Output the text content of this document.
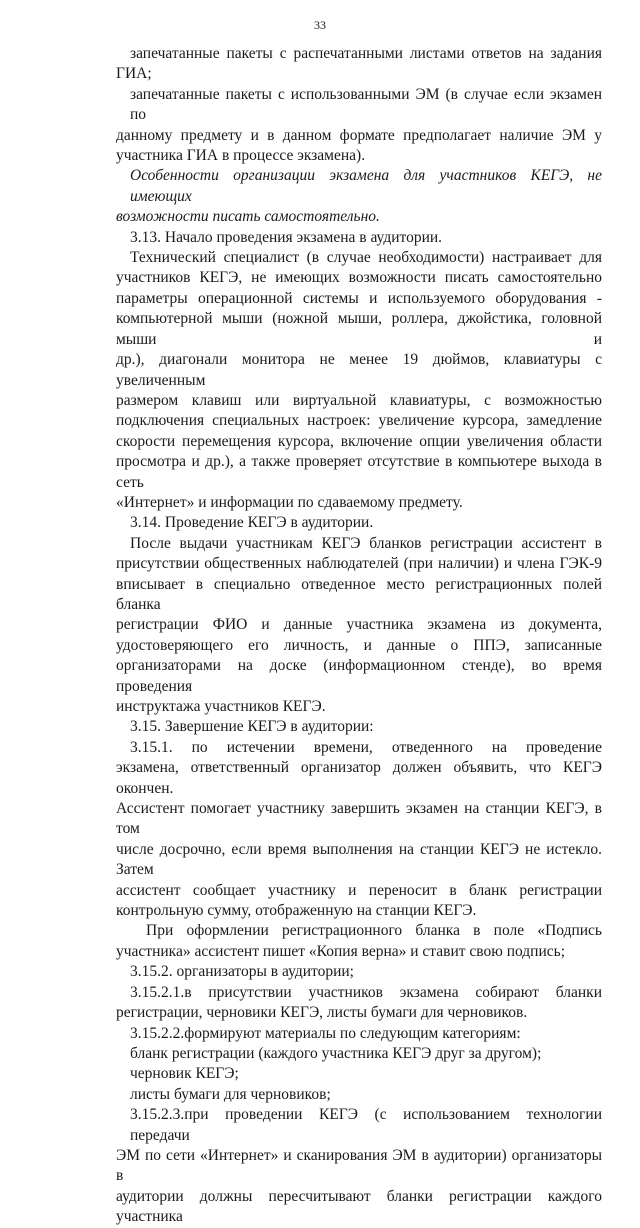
33

запечатанные пакеты с распечатанными листами ответов на задания

ГИА;

запечатанные пакеты с использованными ЭМ (в случае если экзамен по

данному предмету и в данном формате предполагает наличие ЭМ у

участника ГИА в процессе экзамена).

Особенности организации экзамена для участников КЕГЭ, не имеющих

возможности писать самостоятельно.

3.13. Начало проведения экзамена в аудитории.

Технический специалист (в случае необходимости) настраивает для

участников КЕГЭ, не имеющих возможности писать самостоятельно

параметры операционной системы и используемого оборудования -

компьютерной мыши (ножной мыши, роллера, джойстика, головной мыши и

др.), диагонали монитора не менее 19 дюймов, клавиатуры с увеличенным

размером клавиш или виртуальной клавиатуры, с возможностью

подключения специальных настроек: увеличение курсора, замедление

скорости перемещения курсора, включение опции увеличения области

просмотра и др.), а также проверяет отсутствие в компьютере выхода в сеть

«Интернет» и информации по сдаваемому предмету.

3.14. Проведение КЕГЭ в аудитории.

После выдачи участникам КЕГЭ бланков регистрации ассистент в

присутствии общественных наблюдателей (при наличии) и члена ГЭК-9

вписывает в специально отведенное место регистрационных полей бланка

регистрации ФИО и данные участника экзамена из документа,

удостоверяющего его личность, и данные о ППЭ, записанные

организаторами на доске (информационном стенде), во время проведения

инструктажа участников КЕГЭ.

3.15. Завершение КЕГЭ в аудитории:

3.15.1. по истечении времени, отведенного на проведение

экзамена, ответственный организатор должен объявить, что КЕГЭ окончен.

Ассистент помогает участнику завершить экзамен на станции КЕГЭ, в том

числе досрочно, если время выполнения на станции КЕГЭ не истекло. Затем

ассистент сообщает участнику и переносит в бланк регистрации

контрольную сумму, отображенную на станции КЕГЭ.

При оформлении регистрационного бланка в поле «Подпись

участника» ассистент пишет «Копия верна» и ставит свою подпись;

3.15.2. организаторы в аудитории;

3.15.2.1.в присутствии участников экзамена собирают бланки

регистрации, черновики КЕГЭ, листы бумаги для черновиков.

3.15.2.2.формируют материалы по следующим категориям:

бланк регистрации (каждого участника КЕГЭ друг за другом);

черновик КЕГЭ;

листы бумаги для черновиков;

3.15.2.3.при проведении КЕГЭ (с использованием технологии передачи

ЭМ по сети «Интернет» и сканирования ЭМ в аудитории) организаторы в

аудитории должны пересчитывают бланки регистрации каждого участника
